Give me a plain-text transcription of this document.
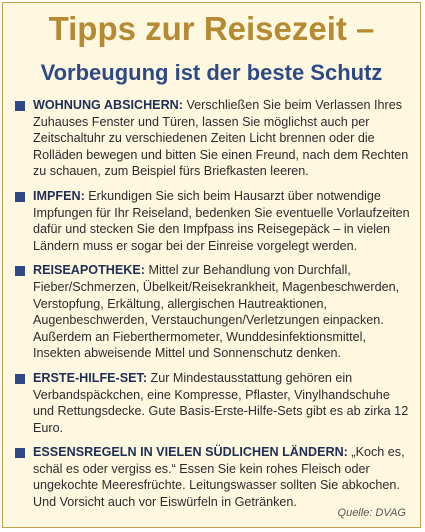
Tipps zur Reisezeit –
Vorbeugung ist der beste Schutz
WOHNUNG ABSICHERN: Verschließen Sie beim Verlassen Ihres Zuhauses Fenster und Türen, lassen Sie möglichst auch per Zeitschaltuhr zu verschiedenen Zeiten Licht brennen oder die Rolläden bewegen und bitten Sie einen Freund, nach dem Rechten zu schauen, zum Beispiel fürs Briefkasten leeren.
IMPFEN: Erkundigen Sie sich beim Hausarzt über notwendige Impfungen für Ihr Reiseland, bedenken Sie eventuelle Vorlaufzeiten dafür und stecken Sie den Impfpass ins Reisegepäck – in vielen Ländern muss er sogar bei der Einreise vorgelegt werden.
REISEAPOTHEKE: Mittel zur Behandlung von Durchfall, Fieber/Schmerzen, Übelkeit/Reisekrankheit, Magenbeschwerden, Verstopfung, Erkältung, allergischen Hautreaktionen, Augenbeschwerden, Verstauchungen/Verletzungen einpacken. Außerdem an Fieberthermometer, Wunddesinfektionsmittel, Insekten abweisende Mittel und Sonnenschutz denken.
ERSTE-HILFE-SET: Zur Mindestausstattung gehören ein Verbandspäckchen, eine Kompresse, Pflaster, Vinylhandschuhe und Rettungsdecke. Gute Basis-Erste-Hilfe-Sets gibt es ab zirka 12 Euro.
ESSENSREGELN IN VIELEN SÜDLICHEN LÄNDERN: „Koch es, schäl es oder vergiss es.“ Essen Sie kein rohes Fleisch oder ungekochte Meeresfrüchte. Leitungswasser sollten Sie abkochen. Und Vorsicht auch vor Eiswürfeln in Getränken.
Quelle: DVAG
